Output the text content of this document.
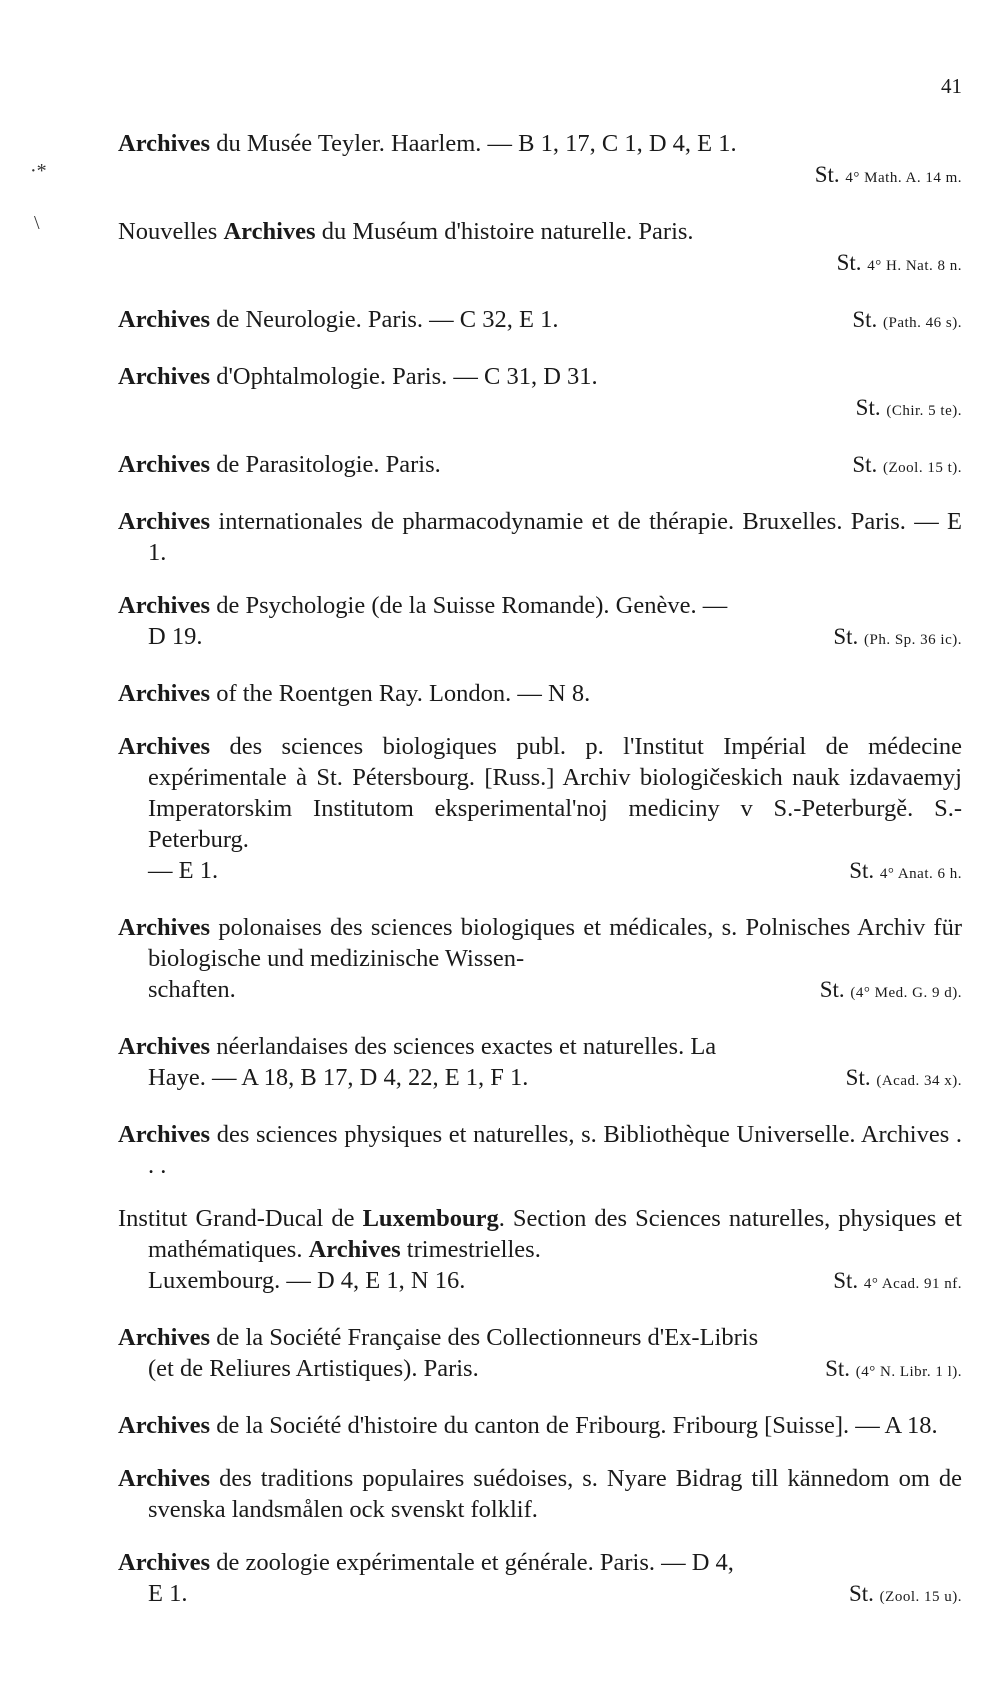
41
·*
\
Archives du Musée Teyler. Haarlem. — B 1, 17, C 1, D 4, E 1.
St. 4° Math. A. 14 m.
Nouvelles Archives du Muséum d'histoire naturelle. Paris.
St. 4° H. Nat. 8 n.
Archives de Neurologie. Paris. — C 32, E 1.	St. (Path. 46 s).
Archives d'Ophtalmologie. Paris. — C 31, D 31.
St. (Chir. 5 te).
Archives de Parasitologie. Paris.	St. (Zool. 15 t).
Archives internationales de pharmacodynamie et de thérapie. Bruxelles. Paris. — E 1.
Archives de Psychologie (de la Suisse Romande). Genève. —
D 19.	St. (Ph. Sp. 36 ic).
Archives of the Roentgen Ray. London. — N 8.
Archives des sciences biologiques publ. p. l'Institut Impérial de médecine expérimentale à St. Pétersbourg. [Russ.] Archiv biologičeskich nauk izdavaemyj Imperatorskim Institutom eksperimental'noj mediciny v S.-Peterburgě. S.-Peterburg.
— E 1.	St. 4° Anat. 6 h.
Archives polonaises des sciences biologiques et médicales, s. Polnisches Archiv für biologische und medizinische Wissen-
schaften.	St. (4° Med. G. 9 d).
Archives néerlandaises des sciences exactes et naturelles. La
Haye. — A 18, B 17, D 4, 22, E 1, F 1.	St. (Acad. 34 x).
Archives des sciences physiques et naturelles, s. Bibliothèque Universelle. Archives . . .
Institut Grand-Ducal de Luxembourg. Section des Sciences naturelles, physiques et mathématiques. Archives trimestrielles.
Luxembourg. — D 4, E 1, N 16.	St. 4° Acad. 91 nf.
Archives de la Société Française des Collectionneurs d'Ex-Libris
(et de Reliures Artistiques). Paris.	St. (4° N. Libr. 1 l).
Archives de la Société d'histoire du canton de Fribourg. Fribourg [Suisse]. — A 18.
Archives des traditions populaires suédoises, s. Nyare Bidrag till kännedom om de svenska landsmålen ock svenskt folklif.
Archives de zoologie expérimentale et générale. Paris. — D 4,
E 1.	St. (Zool. 15 u).
